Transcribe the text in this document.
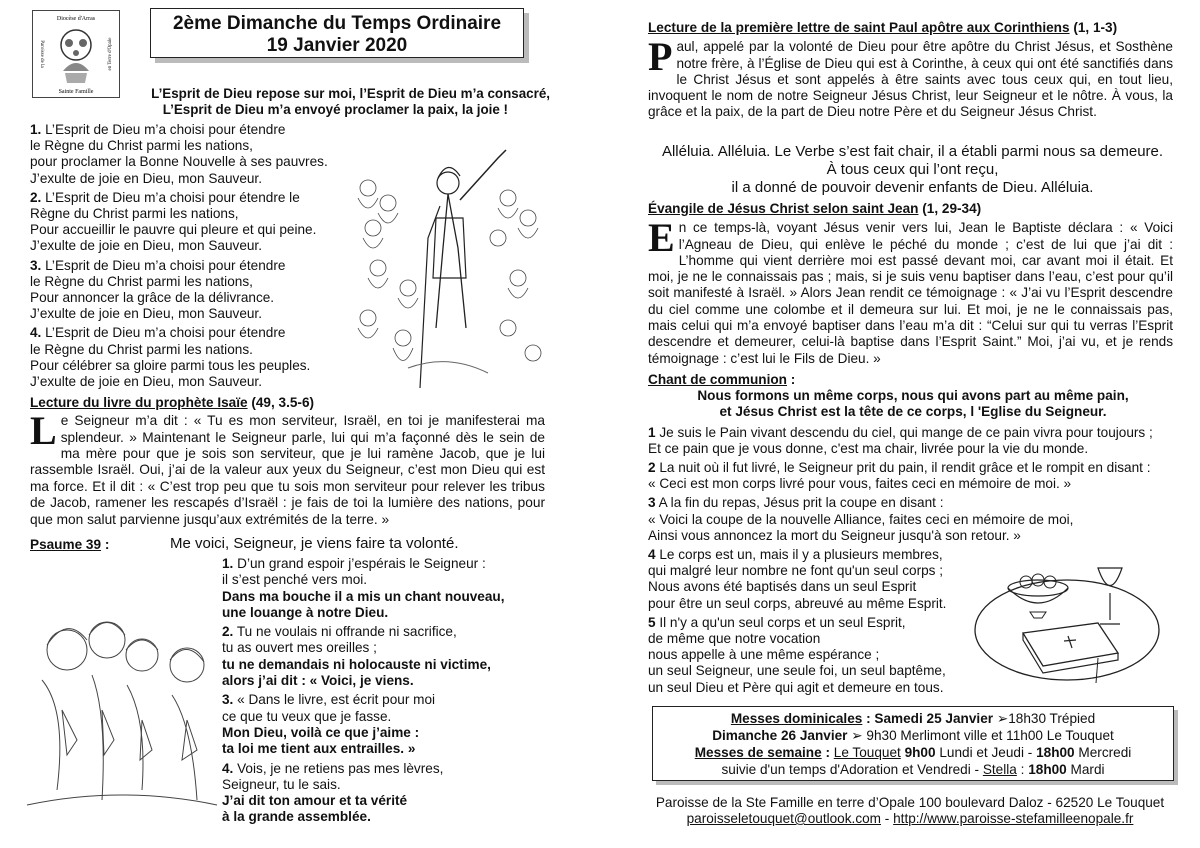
Diocèse d'Arras
Sainte Famille
Paroisse de la	en Terre d'Opale
2ème Dimanche du Temps Ordinaire
19 Janvier 2020
L’Esprit de Dieu repose sur moi, l’Esprit de Dieu m’a consacré,
L’Esprit de Dieu m’a envoyé proclamer la paix, la joie !
1. L’Esprit de Dieu m’a choisi pour étendre
le Règne du Christ parmi les nations,
pour proclamer la Bonne Nouvelle à ses pauvres.
J’exulte de joie en Dieu, mon Sauveur.
2. L’Esprit de Dieu m’a choisi pour étendre le
Règne du Christ parmi les nations,
Pour accueillir le pauvre qui pleure et qui peine.
J’exulte de joie en Dieu, mon Sauveur.
3. L’Esprit de Dieu m’a choisi pour étendre
le Règne du Christ parmi les nations,
Pour annoncer la grâce de la délivrance.
J’exulte de joie en Dieu, mon Sauveur.
4. L’Esprit de Dieu m’a choisi pour étendre
le Règne du Christ parmi les nations.
Pour célébrer sa gloire parmi tous les peuples.
J’exulte de joie en Dieu, mon Sauveur.
Lecture du livre du prophète Isaïe (49, 3.5-6)

Le Seigneur m’a dit : « Tu es mon serviteur, Israël, en toi je manifesterai ma splendeur. » Maintenant le Seigneur parle, lui qui m’a façonné dès le sein de ma mère pour que je sois son serviteur, que je lui ramène Jacob, que je lui rassemble Israël. Oui, j’ai de la valeur aux yeux du Seigneur, c’est mon Dieu qui est ma force. Et il dit : « C’est trop peu que tu sois mon serviteur pour relever les tribus de Jacob, ramener les rescapés d’Israël : je fais de toi la lumière des nations, pour que mon salut parvienne jusqu’aux extrémités de la terre. »

Psaume 39 :	Me voici, Seigneur, je viens faire ta volonté.
1. D’un grand espoir j’espérais le Seigneur :
il s’est penché vers moi.
Dans ma bouche il a mis un chant nouveau,
une louange à notre Dieu.
2. Tu ne voulais ni offrande ni sacrifice,
tu as ouvert mes oreilles ;
tu ne demandais ni holocauste ni victime,
alors j’ai dit : « Voici, je viens.
3. « Dans le livre, est écrit pour moi
ce que tu veux que je fasse.
Mon Dieu, voilà ce que j’aime :
ta loi me tient aux entrailles. »
4. Vois, je ne retiens pas mes lèvres,
Seigneur, tu le sais.
J’ai dit ton amour et ta vérité
à la grande assemblée.
Lecture de la première lettre de saint Paul apôtre aux Corinthiens (1, 1-3)

Paul, appelé par la volonté de Dieu pour être apôtre du Christ Jésus, et Sosthène notre frère, à l’Église de Dieu qui est à Corinthe, à ceux qui ont été sanctifiés dans le Christ Jésus et sont appelés à être saints avec tous ceux qui, en tout lieu, invoquent le nom de notre Seigneur Jésus Christ, leur Seigneur et le nôtre. À vous, la grâce et la paix, de la part de Dieu notre Père et du Seigneur Jésus Christ.

Alléluia. Alléluia. Le Verbe s’est fait chair, il a établi parmi nous sa demeure.
À tous ceux qui l’ont reçu,
il a donné de pouvoir devenir enfants de Dieu. Alléluia.
Évangile de Jésus Christ selon saint Jean (1, 29-34)

En ce temps-là, voyant Jésus venir vers lui, Jean le Baptiste déclara : « Voici l’Agneau de Dieu, qui enlève le péché du monde ; c’est de lui que j’ai dit : L’homme qui vient derrière moi est passé devant moi, car avant moi il était. Et moi, je ne le connaissais pas ; mais, si je suis venu baptiser dans l’eau, c’est pour qu’il soit manifesté à Israël. » Alors Jean rendit ce témoignage : « J’ai vu l’Esprit descendre du ciel comme une colombe et il demeura sur lui. Et moi, je ne le connaissais pas, mais celui qui m’a envoyé baptiser dans l’eau m’a dit : “Celui sur qui tu verras l’Esprit descendre et demeurer, celui-là baptise dans l’Esprit Saint.” Moi, j’ai vu, et je rends témoignage : c’est lui le Fils de Dieu. »

Chant de communion :
Nous formons un même corps, nous qui avons part au même pain,
et Jésus Christ est la tête de ce corps, l 'Eglise du Seigneur.
1 Je suis le Pain vivant descendu du ciel, qui mange de ce pain vivra pour toujours ;
Et ce pain que je vous donne, c'est ma chair, livrée pour la vie du monde.
2 La nuit où il fut livré, le Seigneur prit du pain, il rendit grâce et le rompit en disant :
« Ceci est mon corps livré pour vous, faites ceci en mémoire de moi. »
3 A la fin du repas, Jésus prit la coupe en disant :
« Voici la coupe de la nouvelle Alliance, faites ceci en mémoire de moi,
Ainsi vous annoncez la mort du Seigneur jusqu'à son retour. »
4 Le corps est un, mais il y a plusieurs membres,
qui malgré leur nombre ne font qu'un seul corps ;
Nous avons été baptisés dans un seul Esprit
pour être un seul corps, abreuvé au même Esprit.
5 Il n'y a qu'un seul corps et un seul Esprit,
de même que notre vocation
nous appelle à une même espérance ;
un seul Seigneur, une seule foi, un seul baptême,
un seul Dieu et Père qui agit et demeure en tous.
Messes dominicales : Samedi 25 Janvier ➢18h30 Trépied
Dimanche 26 Janvier ➢ 9h30 Merlimont ville et 11h00 Le Touquet
Messes de semaine : Le Touquet 9h00 Lundi et Jeudi - 18h00 Mercredi
suivie d'un temps d'Adoration et Vendredi - Stella : 18h00 Mardi
Paroisse de la Ste Famille en terre d’Opale 100 boulevard Daloz - 62520 Le Touquet
paroisseletouquet@outlook.com - http://www.paroisse-stefamilleenopale.fr
